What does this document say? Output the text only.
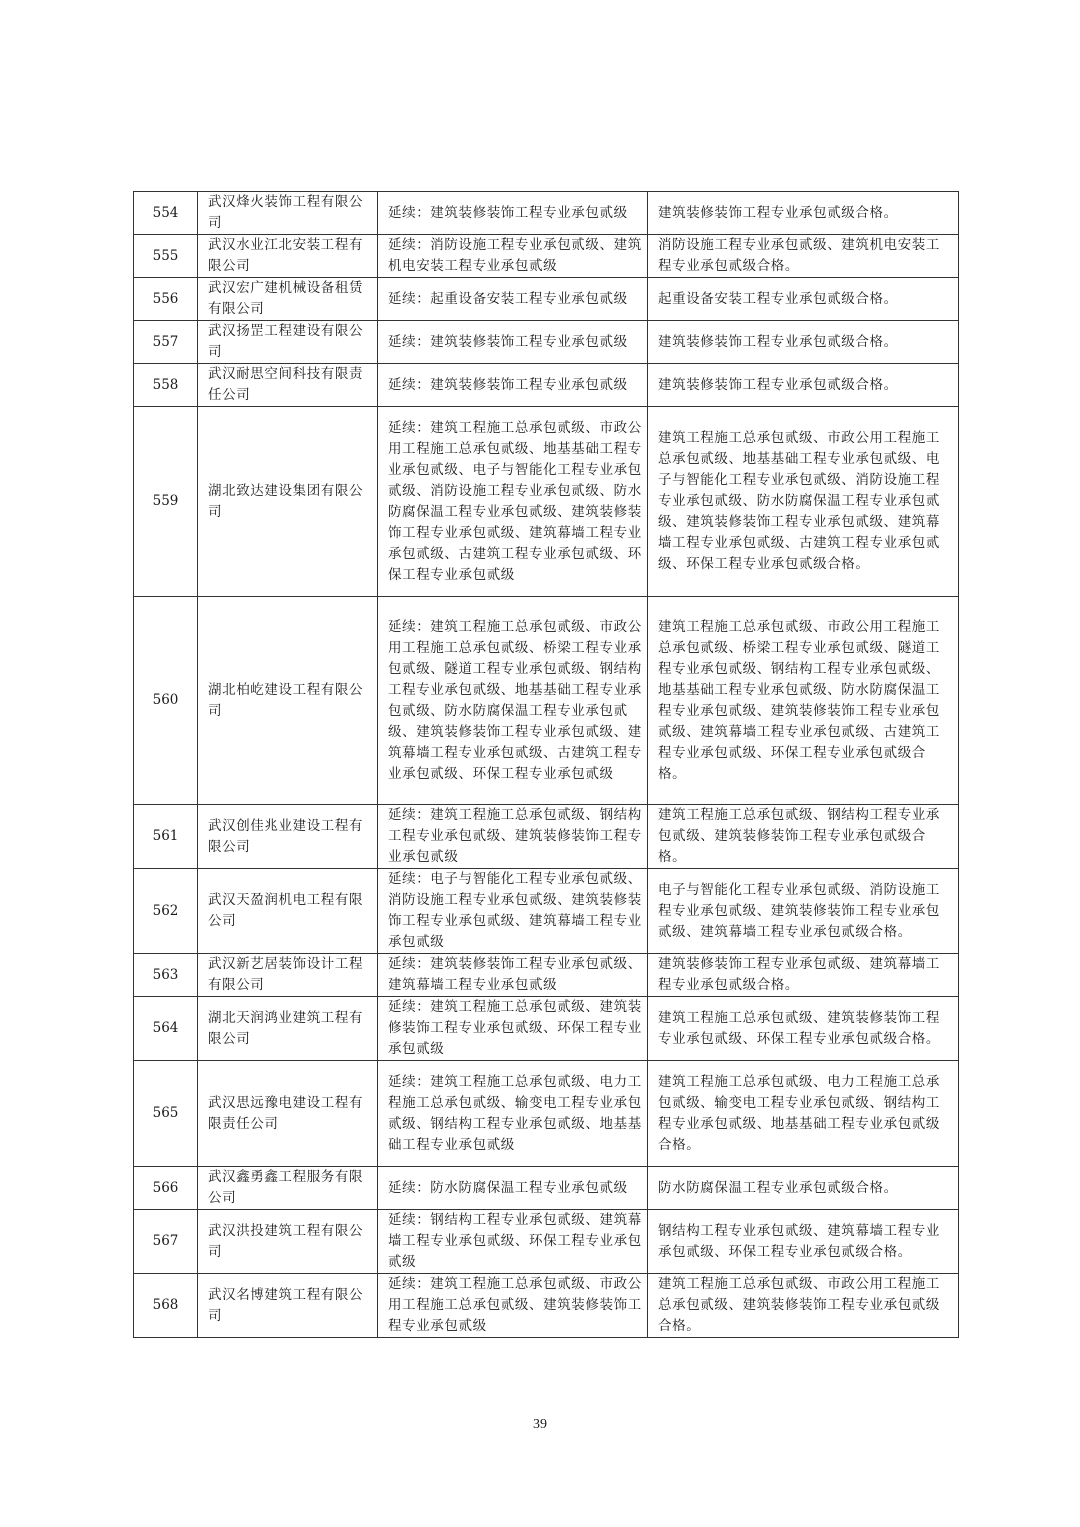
554	武汉烽火装饰工程有限公司	延续：建筑装修装饰工程专业承包贰级	建筑装修装饰工程专业承包贰级合格。
555	武汉水业江北安装工程有限公司	延续：消防设施工程专业承包贰级、建筑机电安装工程专业承包贰级	消防设施工程专业承包贰级、建筑机电安装工程专业承包贰级合格。
556	武汉宏广建机械设备租赁有限公司	延续：起重设备安装工程专业承包贰级	起重设备安装工程专业承包贰级合格。
557	武汉扬罡工程建设有限公司	延续：建筑装修装饰工程专业承包贰级	建筑装修装饰工程专业承包贰级合格。
558	武汉耐思空间科技有限责任公司	延续：建筑装修装饰工程专业承包贰级	建筑装修装饰工程专业承包贰级合格。
559	湖北致达建设集团有限公司	延续：建筑工程施工总承包贰级、市政公用工程施工总承包贰级、地基基础工程专业承包贰级、电子与智能化工程专业承包贰级、消防设施工程专业承包贰级、防水防腐保温工程专业承包贰级、建筑装修装饰工程专业承包贰级、建筑幕墙工程专业承包贰级、古建筑工程专业承包贰级、环保工程专业承包贰级	建筑工程施工总承包贰级、市政公用工程施工总承包贰级、地基基础工程专业承包贰级、电子与智能化工程专业承包贰级、消防设施工程专业承包贰级、防水防腐保温工程专业承包贰级、建筑装修装饰工程专业承包贰级、建筑幕墙工程专业承包贰级、古建筑工程专业承包贰级、环保工程专业承包贰级合格。
560	湖北柏屹建设工程有限公司	延续：建筑工程施工总承包贰级、市政公用工程施工总承包贰级、桥梁工程专业承包贰级、隧道工程专业承包贰级、钢结构工程专业承包贰级、地基基础工程专业承包贰级、防水防腐保温工程专业承包贰级、建筑装修装饰工程专业承包贰级、建筑幕墙工程专业承包贰级、古建筑工程专业承包贰级、环保工程专业承包贰级	建筑工程施工总承包贰级、市政公用工程施工总承包贰级、桥梁工程专业承包贰级、隧道工程专业承包贰级、钢结构工程专业承包贰级、地基基础工程专业承包贰级、防水防腐保温工程专业承包贰级、建筑装修装饰工程专业承包贰级、建筑幕墙工程专业承包贰级、古建筑工程专业承包贰级、环保工程专业承包贰级合格。
561	武汉创佳兆业建设工程有限公司	延续：建筑工程施工总承包贰级、钢结构工程专业承包贰级、建筑装修装饰工程专业承包贰级	建筑工程施工总承包贰级、钢结构工程专业承包贰级、建筑装修装饰工程专业承包贰级合格。
562	武汉天盈润机电工程有限公司	延续：电子与智能化工程专业承包贰级、消防设施工程专业承包贰级、建筑装修装饰工程专业承包贰级、建筑幕墙工程专业承包贰级	电子与智能化工程专业承包贰级、消防设施工程专业承包贰级、建筑装修装饰工程专业承包贰级、建筑幕墙工程专业承包贰级合格。
563	武汉新艺居装饰设计工程有限公司	延续：建筑装修装饰工程专业承包贰级、建筑幕墙工程专业承包贰级	建筑装修装饰工程专业承包贰级、建筑幕墙工程专业承包贰级合格。
564	湖北天润鸿业建筑工程有限公司	延续：建筑工程施工总承包贰级、建筑装修装饰工程专业承包贰级、环保工程专业承包贰级	建筑工程施工总承包贰级、建筑装修装饰工程专业承包贰级、环保工程专业承包贰级合格。
565	武汉思远豫电建设工程有限责任公司	延续：建筑工程施工总承包贰级、电力工程施工总承包贰级、输变电工程专业承包贰级、钢结构工程专业承包贰级、地基基础工程专业承包贰级	建筑工程施工总承包贰级、电力工程施工总承包贰级、输变电工程专业承包贰级、钢结构工程专业承包贰级、地基基础工程专业承包贰级合格。
566	武汉鑫勇鑫工程服务有限公司	延续：防水防腐保温工程专业承包贰级	防水防腐保温工程专业承包贰级合格。
567	武汉洪投建筑工程有限公司	延续：钢结构工程专业承包贰级、建筑幕墙工程专业承包贰级、环保工程专业承包贰级	钢结构工程专业承包贰级、建筑幕墙工程专业承包贰级、环保工程专业承包贰级合格。
568	武汉名博建筑工程有限公司	延续：建筑工程施工总承包贰级、市政公用工程施工总承包贰级、建筑装修装饰工程专业承包贰级	建筑工程施工总承包贰级、市政公用工程施工总承包贰级、建筑装修装饰工程专业承包贰级合格。
39
